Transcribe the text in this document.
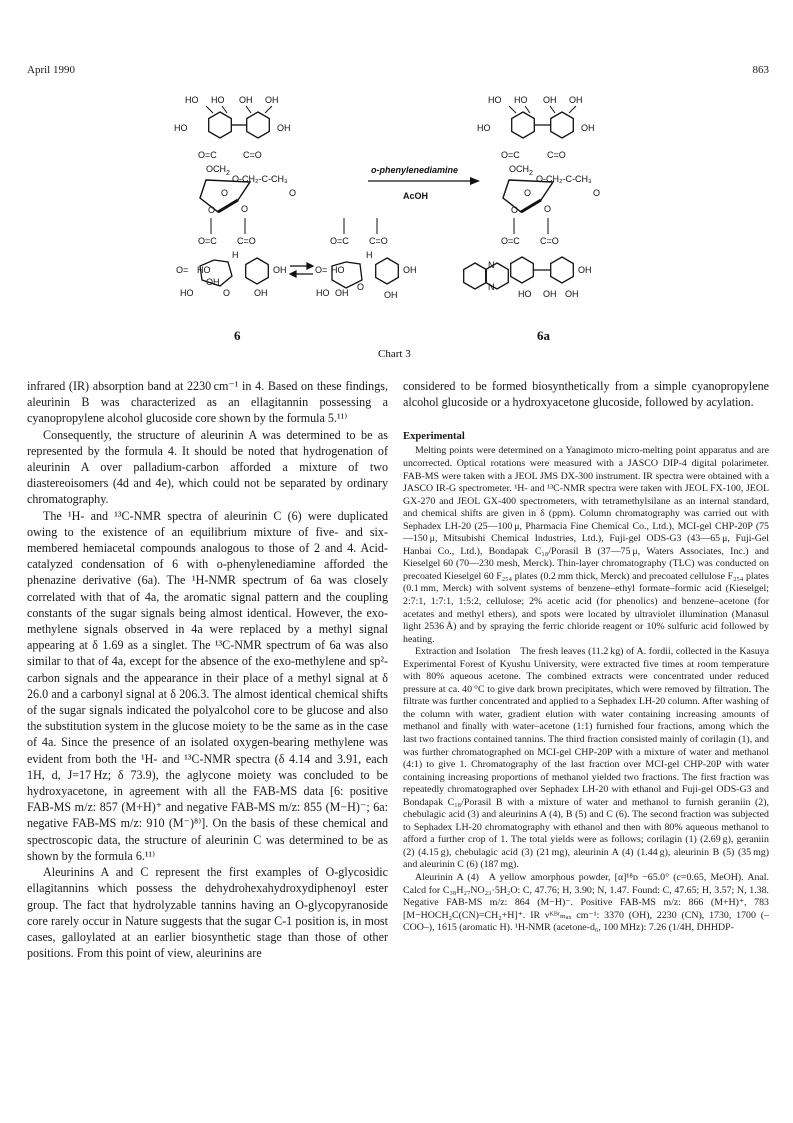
April 1990	863
HO HO OH OH
HO	OH
O=C	C=O
$OCH_2$
O-CH₂-C-CH₃
O
O
O	O
O=C C=O
H
O= HO	OH
OH
HO	O	OH
O=C C=O
H
O= HO	OH
HO OH
O
OH
o-phenylenediamine
AcOH
HO HO OH OH
HO	OH
O=C	C=O
$OCH_2$
O-CH₂-C-CH₃
O
O
O	O
O=C C=O
N
N
OH
HO OH OH
6	6a
Chart 3

infrared (IR) absorption band at 2230 cm⁻¹ in 4. Based on these findings, aleurinin B was characterized as an ellagitannin possessing a cyanopropylene alcohol glucoside core shown by the formula 5.¹¹⁾

Consequently, the structure of aleurinin A was determined to be as represented by the formula 4. It should be noted that hydrogenation of aleurinin A over palladium-carbon afforded a mixture of two diastereoisomers (4d and 4e), which could not be separated by ordinary chromatography.

The ¹H- and ¹³C-NMR spectra of aleurinin C (6) were duplicated owing to the existence of an equilibrium mixture of five- and six-membered hemiacetal compounds analogous to those of 2 and 4. Acid-catalyzed condensation of 6 with o-phenylenediamine afforded the phenazine derivative (6a). The ¹H-NMR spectrum of 6a was closely correlated with that of 4a, the aromatic signal pattern and the coupling constants of the sugar signals being almost identical. However, the exo-methylene signals observed in 4a were replaced by a methyl signal appearing at δ 1.69 as a singlet. The ¹³C-NMR spectrum of 6a was also similar to that of 4a, except for the absence of the exo-methylene and sp²-carbon signals and the appearance in their place of a methyl signal at δ 26.0 and a carbonyl signal at δ 206.3. The almost identical chemical shifts of the sugar signals indicated the polyalcohol core to be glucose and also the substitution system in the glucose moiety to be the same as in the case of 4a. Since the presence of an isolated oxygen-bearing methylene was evident from both the ¹H- and ¹³C-NMR spectra (δ 4.14 and 3.91, each 1H, d, J=17 Hz; δ 73.9), the aglycone moiety was concluded to be hydroxyacetone, in agreement with all the FAB-MS data [6: positive FAB-MS m/z: 857 (M+H)⁺ and negative FAB-MS m/z: 855 (M−H)⁻; 6a: negative FAB-MS m/z: 910 (M⁻)⁸⁾]. On the basis of these chemical and spectroscopic data, the structure of aleurinin C was determined to be as shown by the formula 6.¹¹⁾

Aleurinins A and C represent the first examples of O-glycosidic ellagitannins which possess the dehydrohexahydroxydiphenoyl ester group. The fact that hydrolyzable tannins having an O-glycopyranoside core rarely occur in Nature suggests that the sugar C-1 position is, in most cases, galloylated at an earlier biosynthetic stage than those of other positions. From this point of view, aleurinins are

considered to be formed biosynthetically from a simple cyanopropylene alcohol glucoside or a hydroxyacetone glucoside, followed by acylation.

Experimental

Melting points were determined on a Yanagimoto micro-melting point apparatus and are uncorrected. Optical rotations were measured with a JASCO DIP-4 digital polarimeter. FAB-MS were taken with a JEOL JMS DX-300 instrument. IR spectra were obtained with a JASCO IR-G spectrometer. ¹H- and ¹³C-NMR spectra were taken with JEOL FX-100, JEOL GX-270 and JEOL GX-400 spectrometers, with tetramethylsilane as an internal standard, and chemical shifts are given in δ (ppm). Column chromatography was carried out with Sephadex LH-20 (25—100 μ, Pharmacia Fine Chemical Co., Ltd.), MCI-gel CHP-20P (75—150 μ, Mitsubishi Chemical Industries, Ltd.), Fuji-gel ODS-G3 (43—65 μ, Fuji-Gel Hanbai Co., Ltd.), Bondapak C₁₈/Porasil B (37—75 μ, Waters Associates, Inc.) and Kieselgel 60 (70—230 mesh, Merck). Thin-layer chromatography (TLC) was conducted on precoated Kieselgel 60 F₂₅₄ plates (0.2 mm thick, Merck) and precoated cellulose F₂₅₄ plates (0.1 mm, Merck) with solvent systems of benzene–ethyl formate–formic acid (Kieselgel; 2:7:1, 1:7:1, 1:5:2, cellulose; 2% acetic acid (for phenolics) and benzene–acetone (for acetates and methyl ethers), and spots were located by ultraviolet illumination (Manasul light 2536 Å) and by spraying the ferric chloride reagent or 10% sulfuric acid followed by heating.

Extraction and Isolation The fresh leaves (11.2 kg) of A. fordii, collected in the Kasuya Experimental Forest of Kyushu University, were extracted five times at room temperature with 80% aqueous acetone. The combined extracts were concentrated under reduced pressure at ca. 40 °C to give dark brown precipitates, which were removed by filtration. The filtrate was further concentrated and applied to a Sephadex LH-20 column. After washing of the column with water, gradient elution with water containing increasing amounts of methanol and finally with water–acetone (1:1) furnished four fractions, among which the last two fractions contained tannins. The third fraction consisted mainly of corilagin (1), and was further chromatographed on MCI-gel CHP-20P with a mixture of water and methanol (4:1) to give 1. Chromatography of the last fraction over MCI-gel CHP-20P with water containing increasing proportions of methanol yielded two fractions. The first fraction was repeatedly chromatographed over Sephadex LH-20 with ethanol and Fuji-gel ODS-G3 and Bondapak C₁₈/Porasil B with a mixture of water and methanol to furnish geraniin (2), chebulagic acid (3) and aleurinins A (4), B (5) and C (6). The second fraction was subjected to Sephadex LH-20 chromatography with ethanol and then with 80% aqueous methanol to afford a further crop of 1. The total yields were as follows; corilagin (1) (2.69 g), geraniin (2) (4.15 g), chebulagic acid (3) (21 mg), aleurinin A (4) (1.44 g), aleurinin B (5) (35 mg) and aleurinin C (6) (187 mg).

Aleurinin A (4) A yellow amorphous powder, [α]¹⁸ᴅ −65.0° (c=0.65, MeOH). Anal. Calcd for C₃₈H₂₇NO₂₃·5H₂O: C, 47.76; H, 3.90; N, 1.47. Found: C, 47.65; H, 3.57; N, 1.38. Negative FAB-MS m/z: 864 (M−H)⁻. Positive FAB-MS m/z: 866 (M+H)⁺, 783 [M−HOCH₂C(CN)=CH₂+H]⁺. IR νᴷᴮʳₘₐₓ cm⁻¹: 3370 (OH), 2230 (CN), 1730, 1700 (–COO–), 1615 (aromatic H). ¹H-NMR (acetone-d₆, 100 MHz): 7.26 (1/4H, DHHDP-
